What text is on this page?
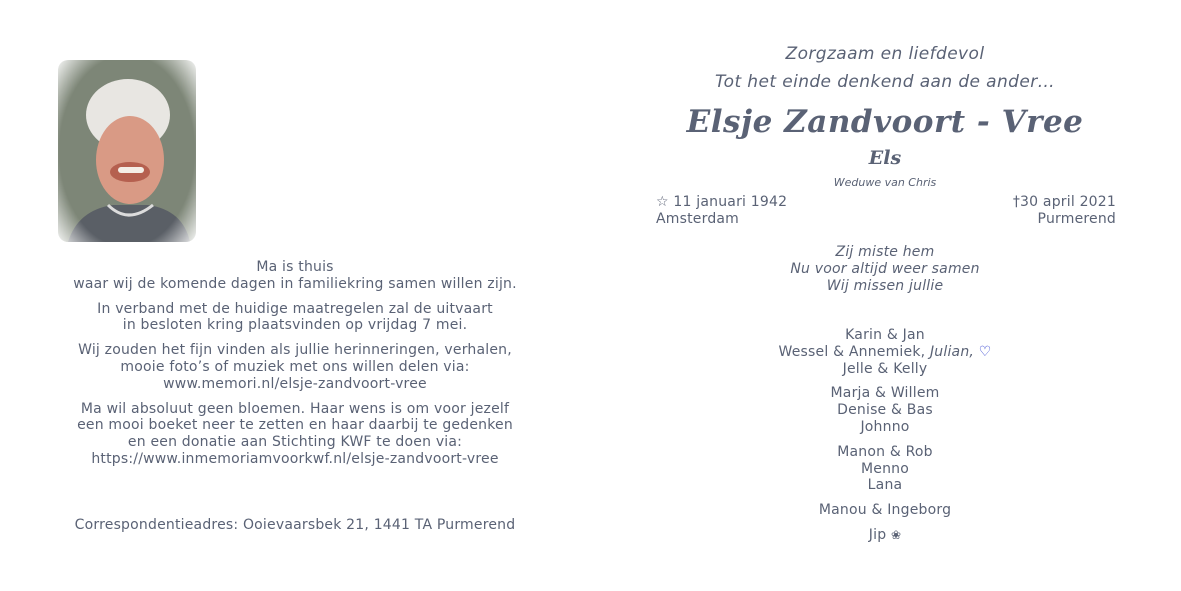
Ma is thuis
waar wij de komende dagen in familiekring samen willen zijn.

In verband met de huidige maatregelen zal de uitvaart
in besloten kring plaatsvinden op vrijdag 7 mei.

Wij zouden het fijn vinden als jullie herinneringen, verhalen,
mooie foto’s of muziek met ons willen delen via:
www.memori.nl/elsje-zandvoort-vree

Ma wil absoluut geen bloemen. Haar wens is om voor jezelf
een mooi boeket neer te zetten en haar daarbij te gedenken
en een donatie aan Stichting KWF te doen via:
https://www.inmemoriamvoorkwf.nl/elsje-zandvoort-vree

Correspondentieadres: Ooievaarsbek 21, 1441 TA Purmerend
Zorgzaam en liefdevol
Tot het einde denkend aan de ander…
Elsje Zandvoort - Vree
Els
Weduwe van Chris
☆ 11 januari 1942
Amsterdam
†30 april 2021
Purmerend
Zij miste hem
Nu voor altijd weer samen
Wij missen jullie
Karin & Jan
Wessel & Annemiek, Julian, ♡
Jelle & Kelly
Marja & Willem
Denise & Bas
Johnno
Manon & Rob
Menno
Lana
Manou & Ingeborg
Jip ❀
